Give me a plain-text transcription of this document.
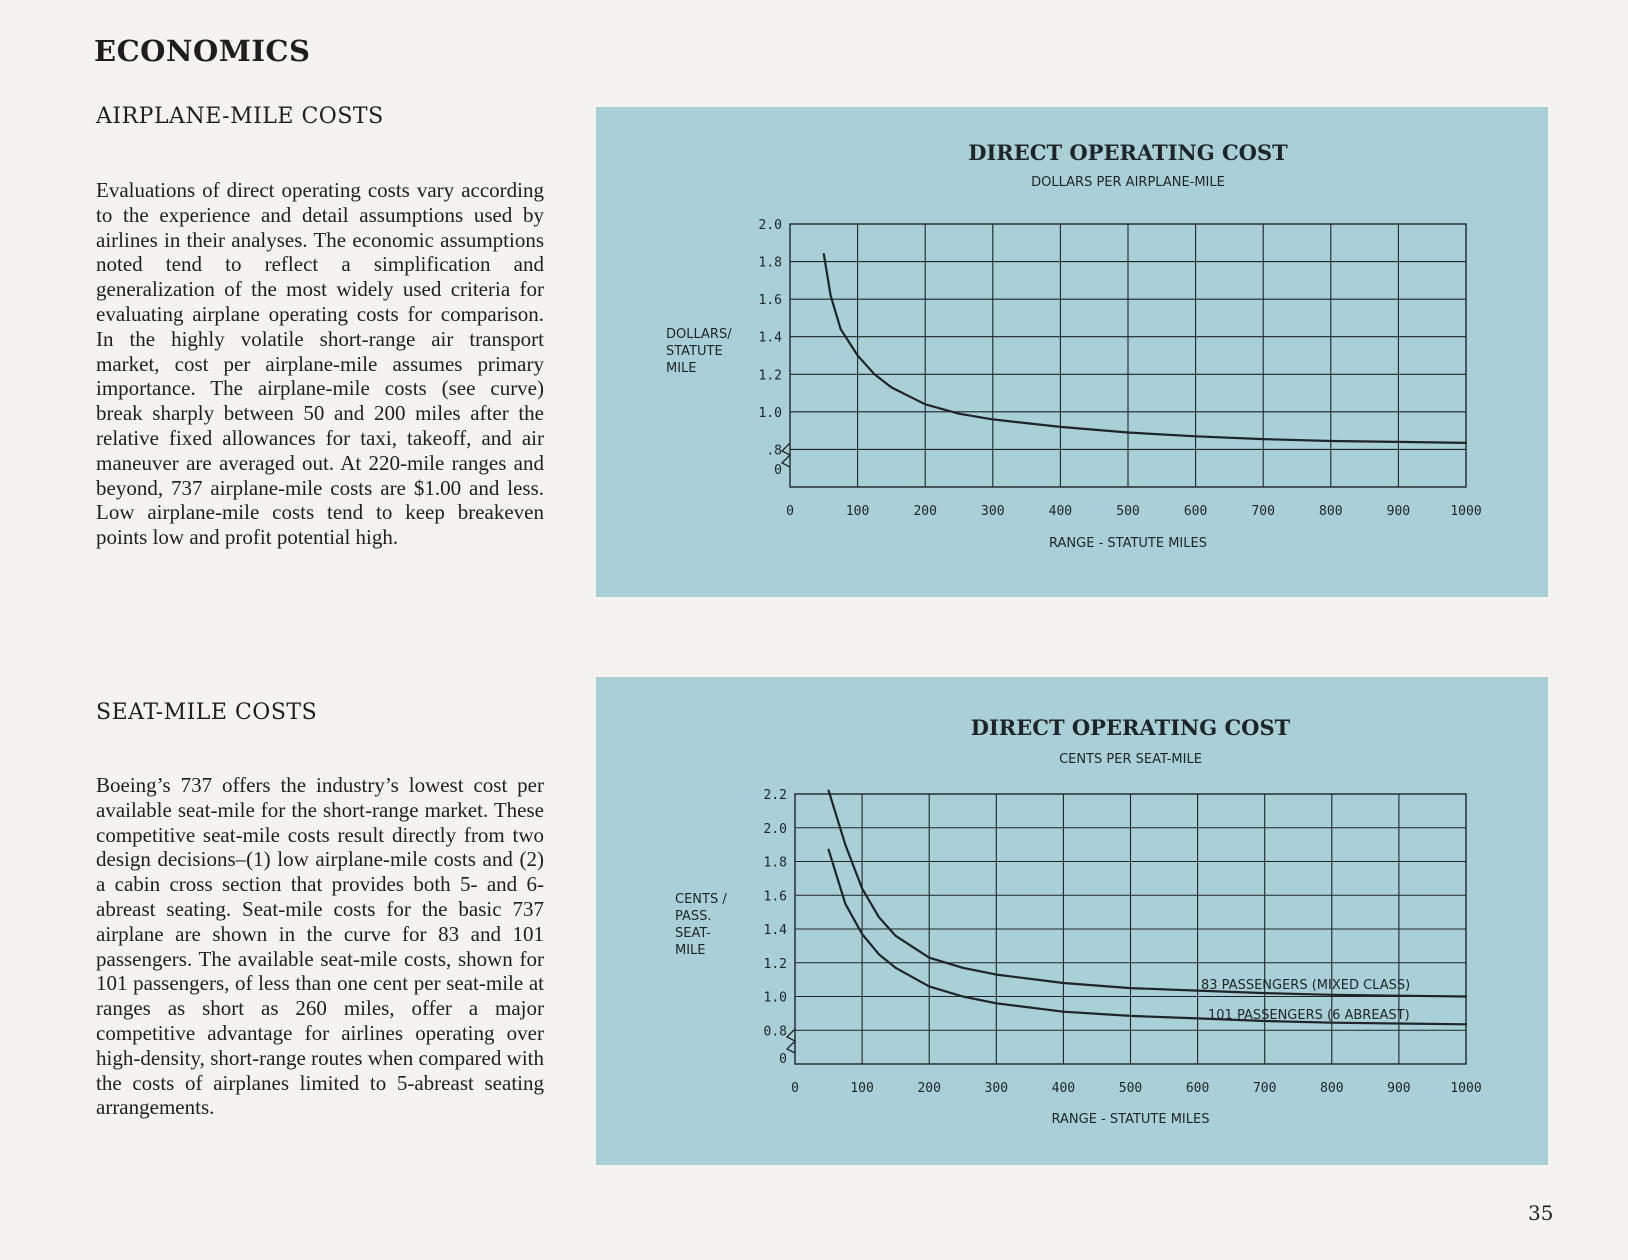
ECONOMICS
AIRPLANE-MILE COSTS

Evaluations of direct operating costs vary according to the experience and detail assumptions used by airlines in their analyses. The economic assumptions noted tend to reflect a simplification and generalization of the most widely used criteria for evaluating airplane operating costs for comparison. In the highly volatile short-range air transport market, cost per airplane-mile assumes primary importance. The airplane-mile costs (see curve) break sharply between 50 and 200 miles after the relative fixed allowances for taxi, takeoff, and air maneuver are averaged out. At 220-mile ranges and beyond, 737 airplane-mile costs are $1.00 and less. Low airplane-mile costs tend to keep breakeven points low and profit potential high.

SEAT-MILE COSTS

Boeing’s 737 offers the industry’s lowest cost per available seat-mile for the short-range market. These competitive seat-mile costs result directly from two design decisions–(1) low airplane-mile costs and (2) a cabin cross section that provides both 5- and 6-abreast seating. Seat-mile costs for the basic 737 airplane are shown in the curve for 83 and 101 passengers. The available seat-mile costs, shown for 101 passengers, of less than one cent per seat-mile at ranges as short as 260 miles, offer a major competitive advantage for airlines operating over high-density, short-range routes when compared with the costs of airplanes limited to 5-abreast seating arrangements.

DIRECT OPERATING COST
DOLLARS PER AIRPLANE-MILE
0	100	200	300	400	500	600	700	800	900	1000
.8
1.0
1.2
1.4
1.6
1.8
2.0
0
DOLLARS/ STATUTE MILE
RANGE - STATUTE MILES
DIRECT OPERATING COST
CENTS PER SEAT-MILE
0	100	200	300	400	500	600	700	800	900	1000
0.8
1.0
1.2
1.4
1.6
1.8
2.0
2.2
0
CENTS / PASS. SEAT-MILE
RANGE - STATUTE MILES
83 PASSENGERS (MIXED CLASS)
101 PASSENGERS (6 ABREAST)
35
